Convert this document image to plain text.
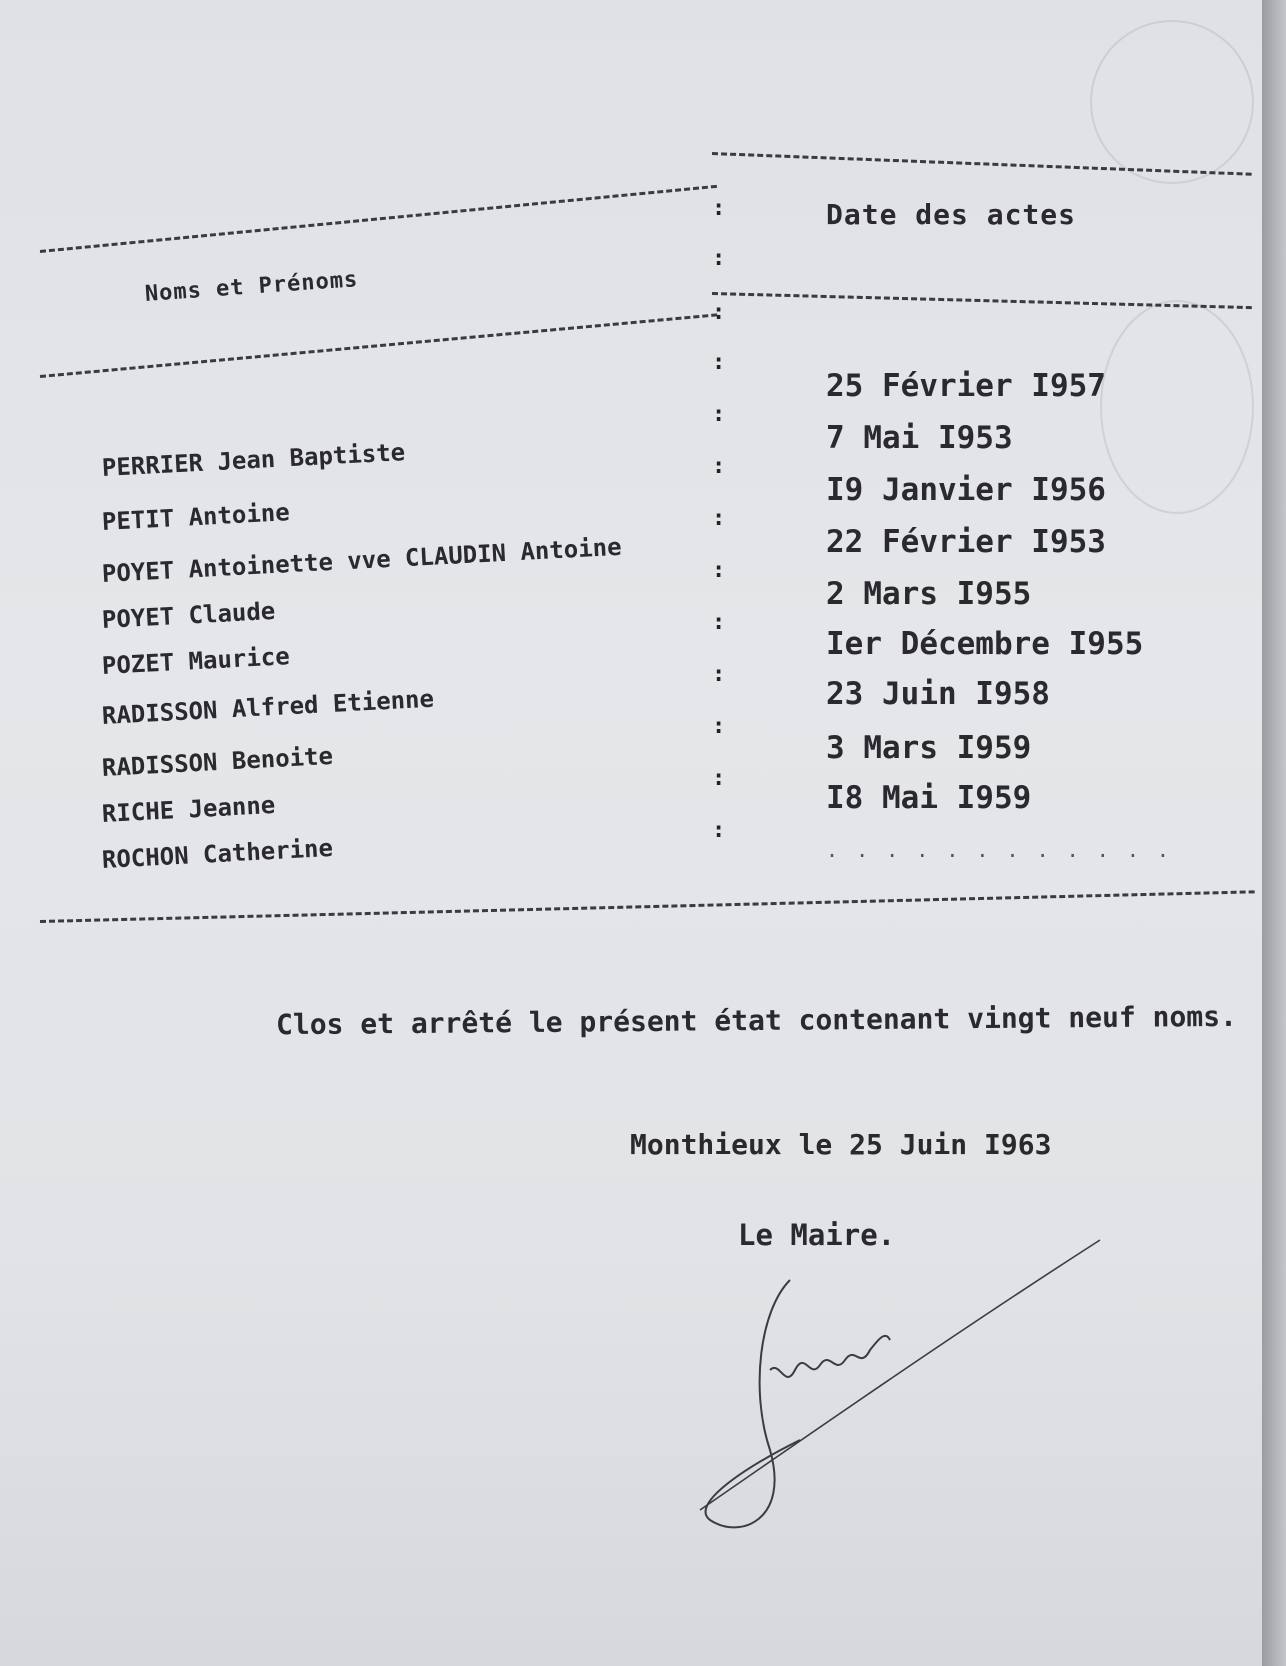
Noms et Prénoms
Date des actes
:
:
:
:
:
:
:
:
:
:
:
:
:
PERRIER Jean Baptiste
PETIT Antoine
POYET Antoinette vve CLAUDIN Antoine
POYET Claude
POZET Maurice
RADISSON Alfred Etienne
RADISSON Benoite
RICHE Jeanne
ROCHON Catherine
25 Février I957
7 Mai I953
I9 Janvier I956
22 Février I953
2 Mars I955
Ier Décembre I955
23 Juin I958
3 Mars I959
I8 Mai I959
. . . . . . . . . . . .
Clos et arrêté le présent état contenant vingt neuf noms.
Monthieux le 25 Juin I963
Le Maire.
